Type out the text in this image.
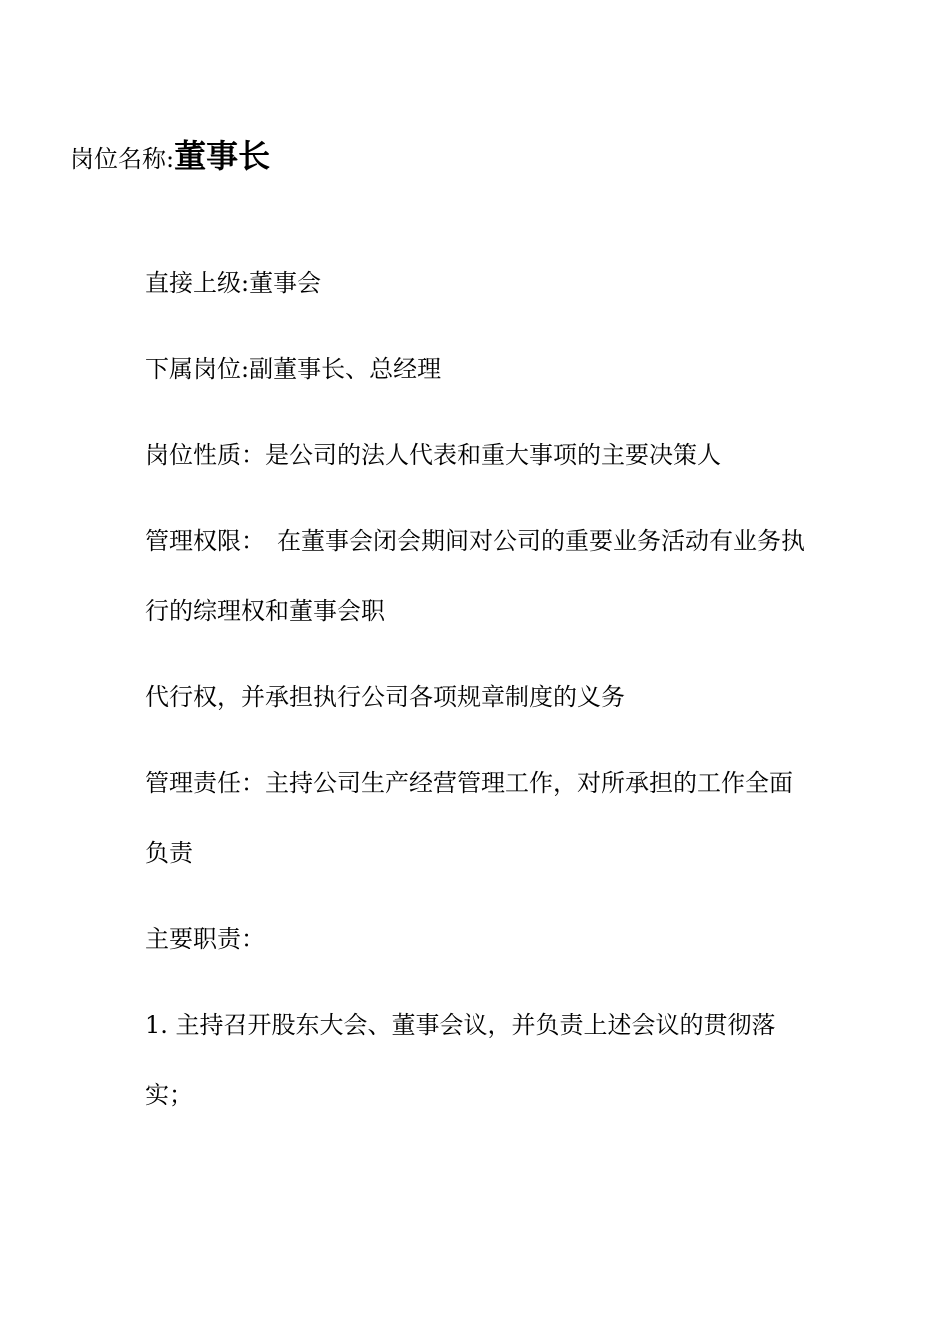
岗位名称:董事长

直接上级:董事会

下属岗位:副董事长、总经理

岗位性质：是公司的法人代表和重大事项的主要决策人

管理权限： 在董事会闭会期间对公司的重要业务活动有业务执行的综理权和董事会职

代行权，并承担执行公司各项规章制度的义务

管理责任：主持公司生产经营管理工作，对所承担的工作全面负责

主要职责：

1. 主持召开股东大会、董事会议，并负责上述会议的贯彻落实；
